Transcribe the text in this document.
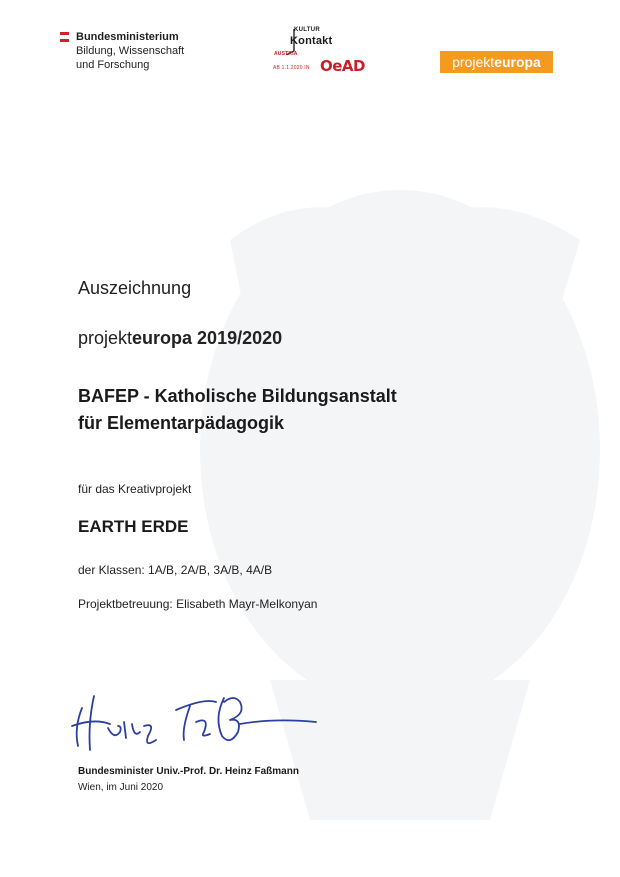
Bundesministerium
Bildung, Wissenschaft
und Forschung
KULTUR
Kontakt
AUSTRIA
AB 1.1.2020 IN OeAD	projekteuropa
Auszeichnung
projekteuropa 2019/2020
BAFEP - Katholische Bildungsanstalt
für Elementarpädagogik
für das Kreativprojekt
EARTH ERDE
der Klassen: 1A/B, 2A/B, 3A/B, 4A/B
Projektbetreuung: Elisabeth Mayr-Melkonyan
Bundesminister Univ.-Prof. Dr. Heinz Faßmann
Wien, im Juni 2020
